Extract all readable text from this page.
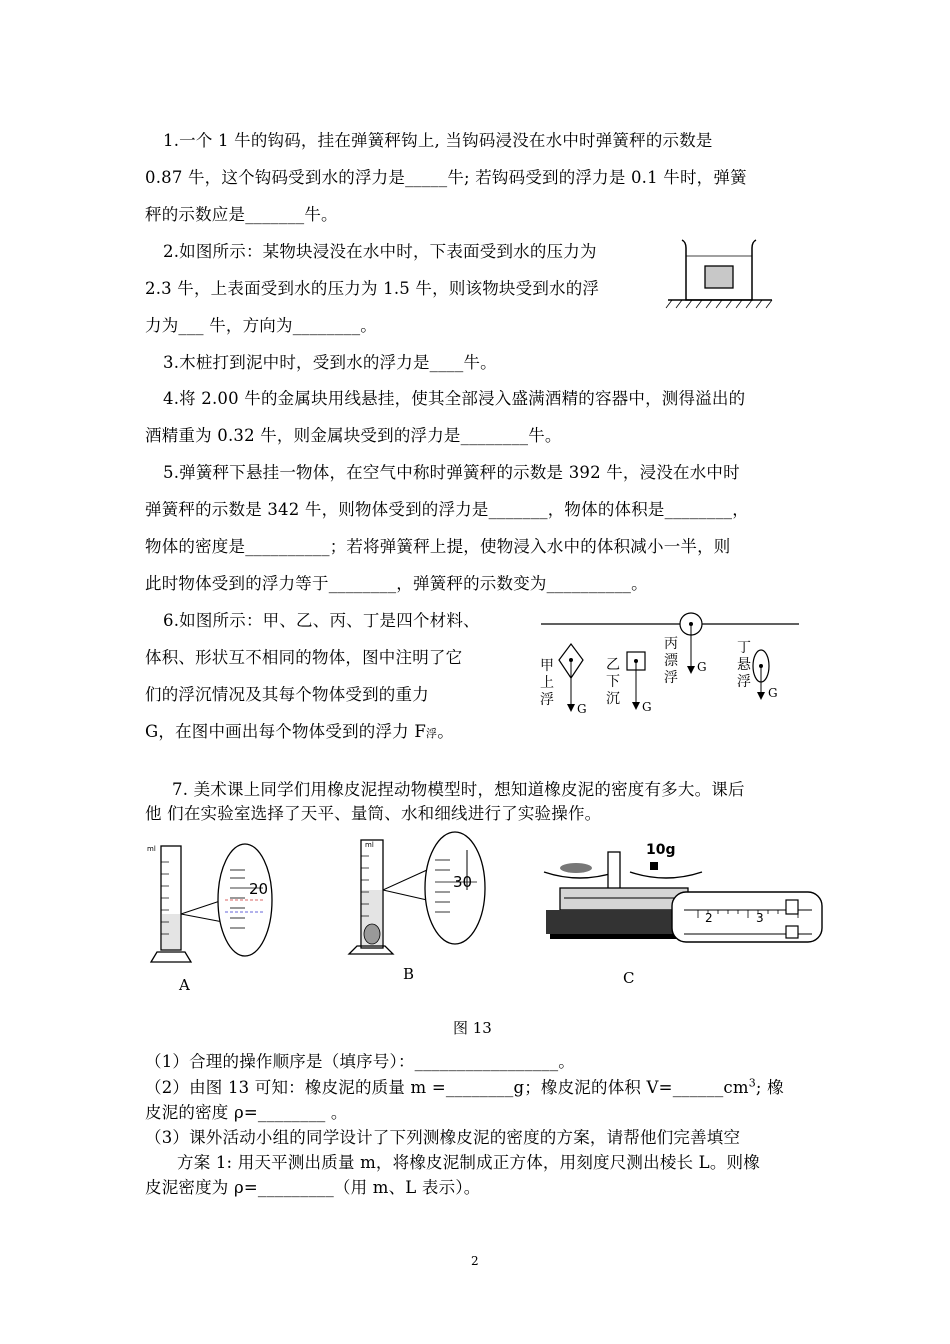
1.一个 1 牛的钩码，挂在弹簧秤钩上, 当钩码浸没在水中时弹簧秤的示数是
0.87 牛，这个钩码受到水的浮力是_____牛; 若钩码受到的浮力是 0.1 牛时，弹簧
秤的示数应是_______牛。
2.如图所示：某物块浸没在水中时，下表面受到水的压力为
2.3 牛，上表面受到水的压力为 1.5 牛，则该物块受到水的浮
力为___ 牛，方向为________。
3.木桩打到泥中时，受到水的浮力是____牛。
4.将 2.00 牛的金属块用线悬挂，使其全部浸入盛满酒精的容器中，测得溢出的
酒精重为 0.32 牛，则金属块受到的浮力是________牛。
5.弹簧秤下悬挂一物体，在空气中称时弹簧秤的示数是 392 牛，浸没在水中时
弹簧秤的示数是 342 牛，则物体受到的浮力是_______，物体的体积是________，
物体的密度是__________；若将弹簧秤上提，使物浸入水中的体积减小一半，则
此时物体受到的浮力等于________，弹簧秤的示数变为__________。
6.如图所示：甲、乙、丙、丁是四个材料、
体积、形状互不相同的物体，图中注明了它
们的浮沉情况及其每个物体受到的重力
G，在图中画出每个物体受到的浮力 F浮。
甲
上
浮
G
乙
下
沉 G
丙
漂
浮
G
丁
悬
浮
G
7. 美术课上同学们用橡皮泥捏动物模型时，想知道橡皮泥的密度有多大。课后
他 们在实验室选择了天平、量筒、水和细线进行了实验操作。
ml
20
A
ml
30
B
10g
2	3
C
图 13
（1）合理的操作顺序是（填序号）：_________________。
（2）由图 13 可知：橡皮泥的质量 m =________g；橡皮泥的体积 $V=\_\_\_\_\_\_cm^3$; 橡
皮泥的密度 ρ=________ 。
（3）课外活动小组的同学设计了下列测橡皮泥的密度的方案，请帮他们完善填空
方案 1: 用天平测出质量 m，将橡皮泥制成正方体，用刻度尺测出棱长 L。则橡
皮泥密度为 ρ=_________（用 m、L 表示）。
2
